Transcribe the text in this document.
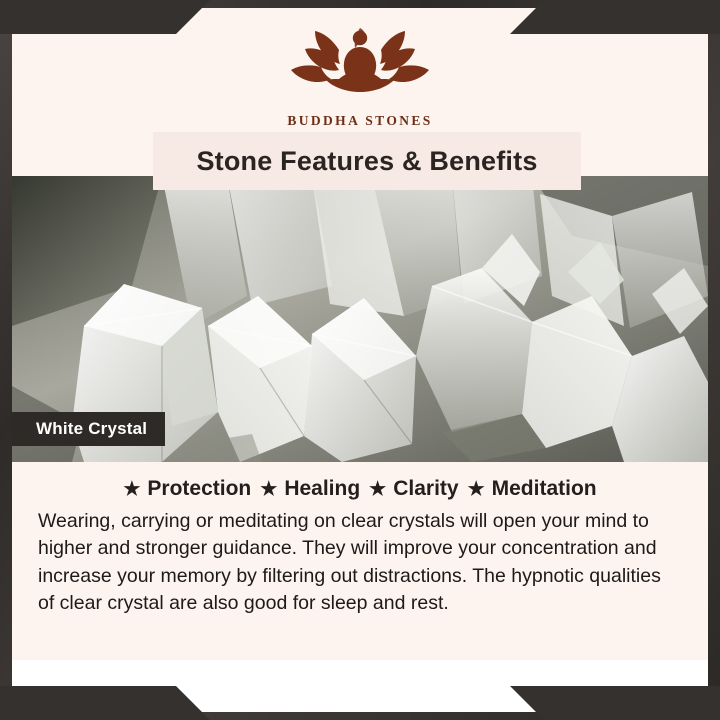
BUDDHA STONES
Stone Features & Benefits
White Crystal
★ Protection ★ Healing ★ Clarity ★ Meditation

Wearing, carrying or meditating on clear crystals will open your mind to higher and stronger guidance. They will improve your concentration and increase your memory by filtering out distractions. The hypnotic qualities of clear crystal are also good for sleep and rest.
